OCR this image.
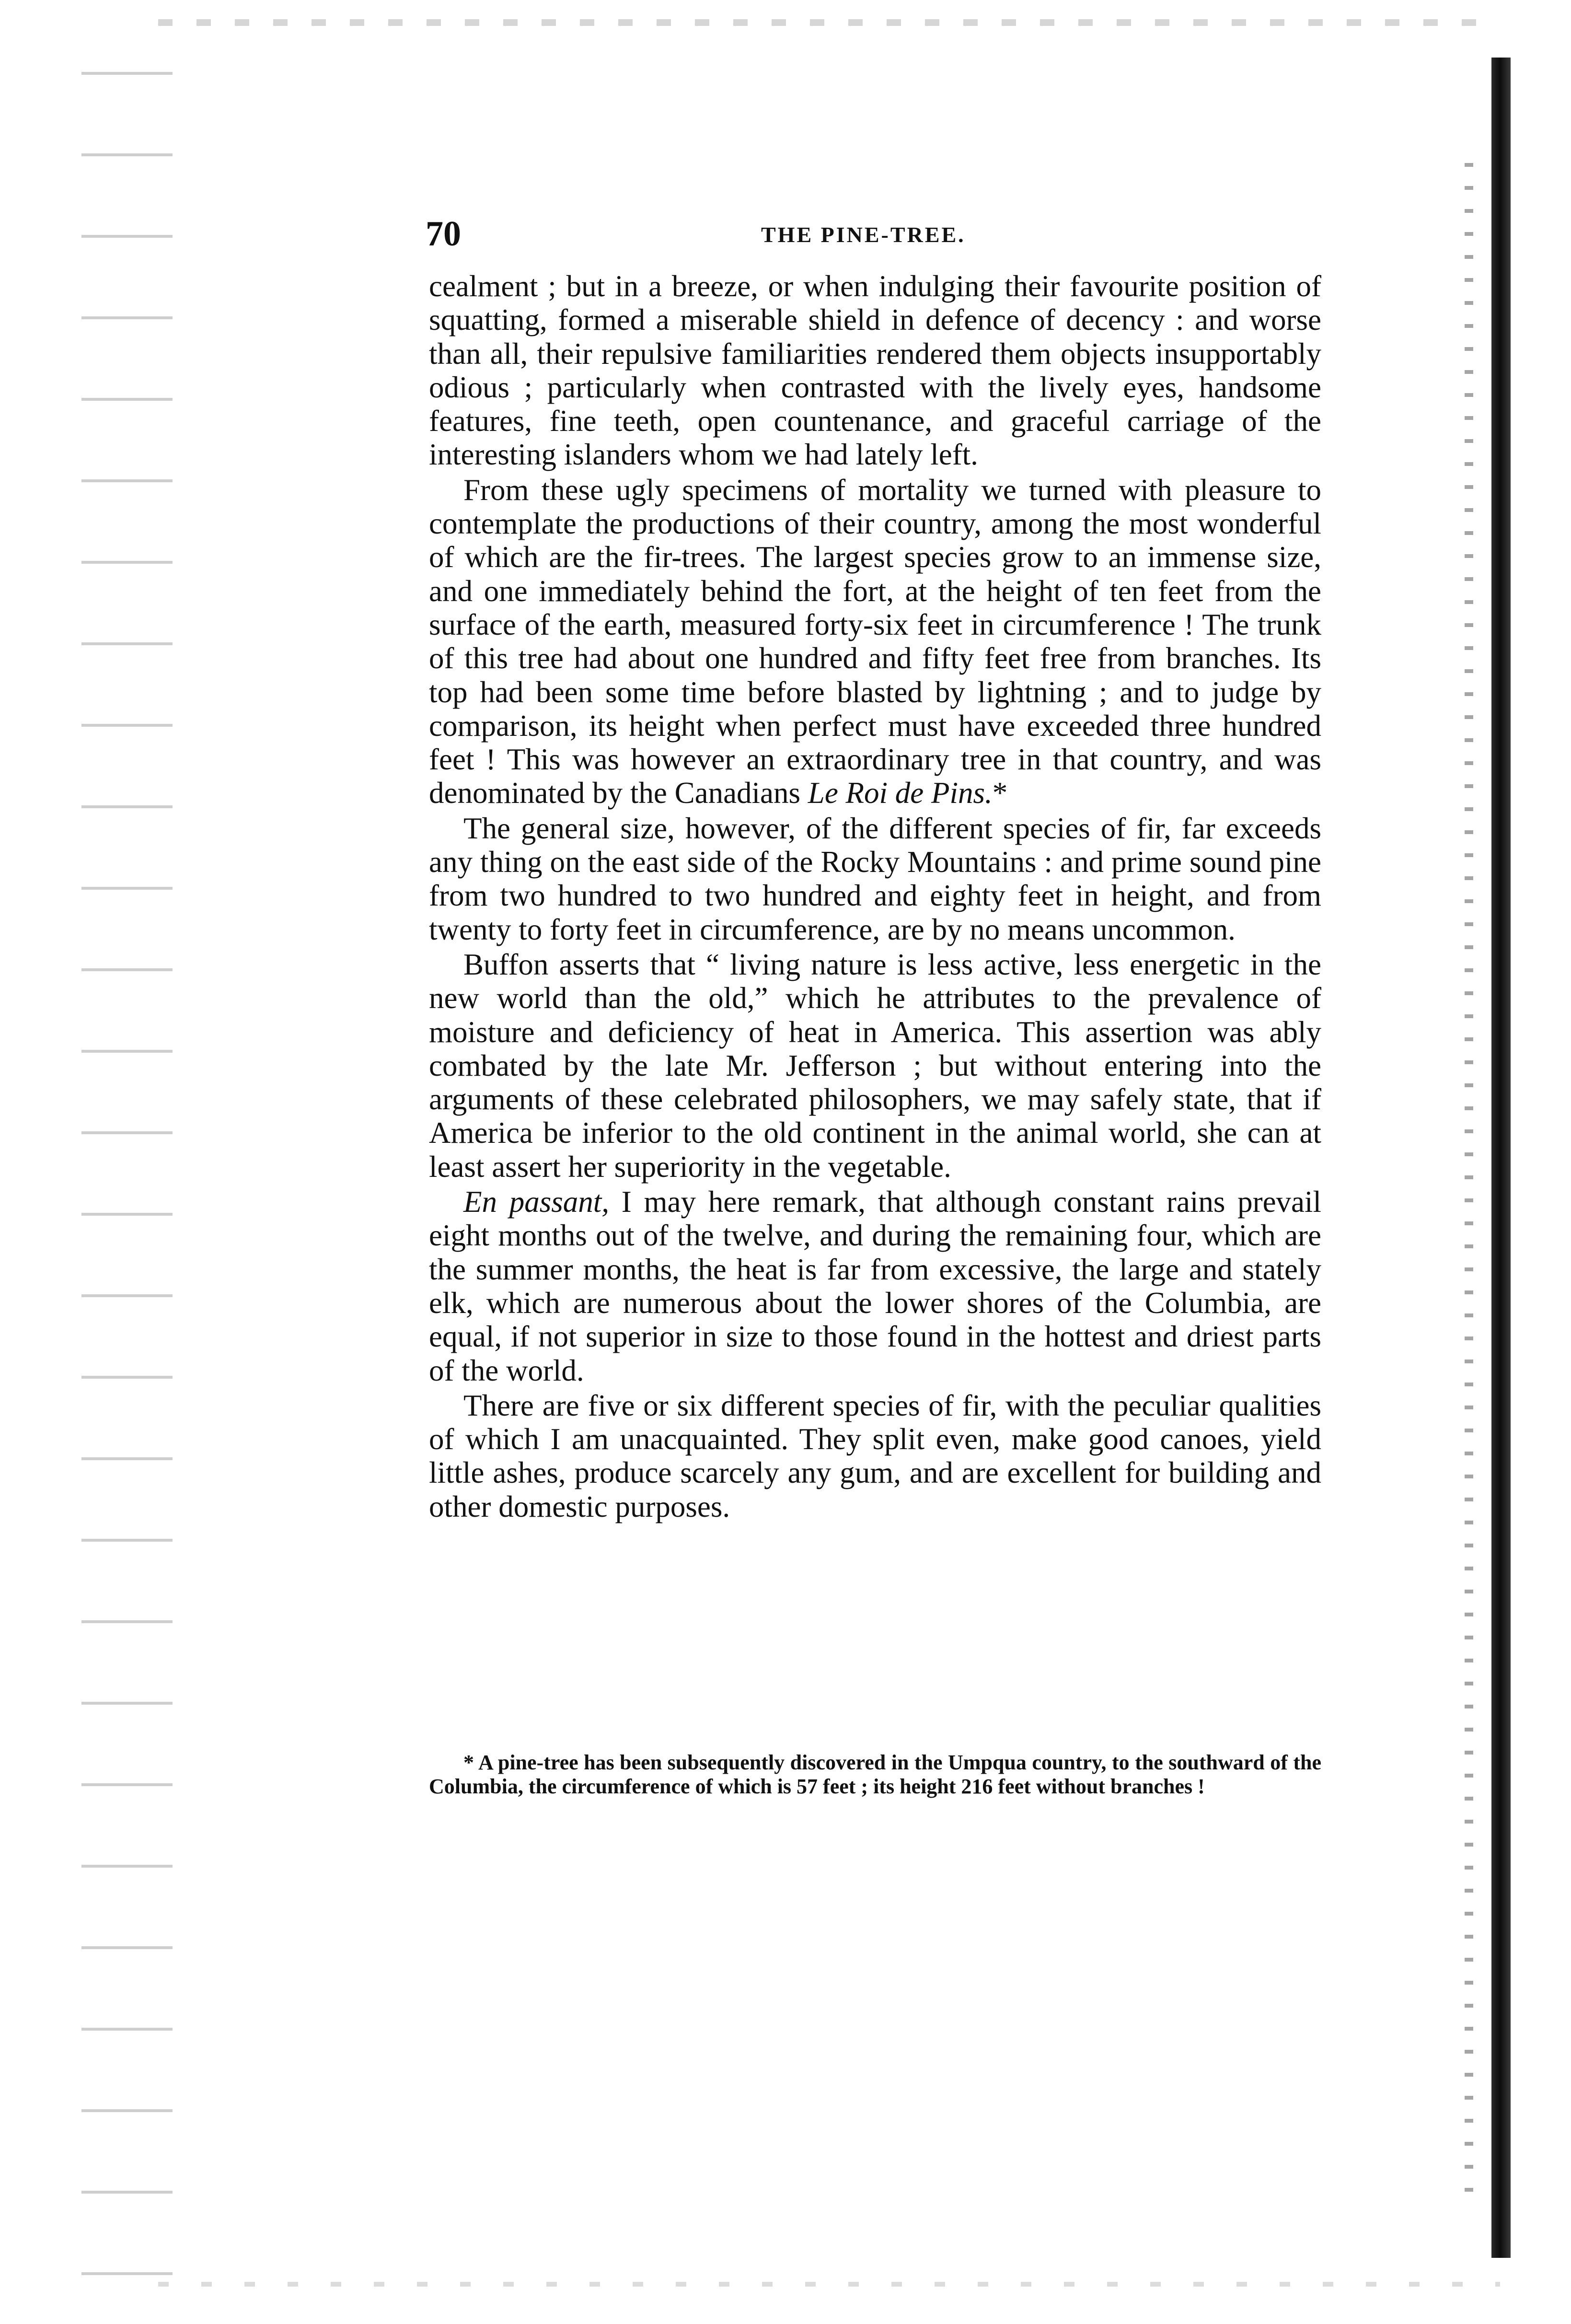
70	THE PINE-TREE.

cealment ; but in a breeze, or when indulging their favourite position of squatting, formed a miserable shield in defence of decency : and worse than all, their repulsive familiarities rendered them objects insupportably odious ; particularly when contrasted with the lively eyes, handsome features, fine teeth, open countenance, and graceful carriage of the interesting islanders whom we had lately left.

From these ugly specimens of mortality we turned with pleasure to contemplate the productions of their country, among the most wonderful of which are the fir-trees. The largest species grow to an immense size, and one immediately behind the fort, at the height of ten feet from the surface of the earth, measured forty-six feet in circumference ! The trunk of this tree had about one hundred and fifty feet free from branches. Its top had been some time before blasted by lightning ; and to judge by comparison, its height when perfect must have exceeded three hundred feet ! This was however an extraordinary tree in that country, and was denominated by the Canadians Le Roi de Pins.*

The general size, however, of the different species of fir, far exceeds any thing on the east side of the Rocky Mountains : and prime sound pine from two hundred to two hundred and eighty feet in height, and from twenty to forty feet in circumference, are by no means uncommon.

Buffon asserts that “ living nature is less active, less energetic in the new world than the old,” which he attributes to the prevalence of moisture and deficiency of heat in America. This assertion was ably combated by the late Mr. Jefferson ; but without entering into the arguments of these celebrated philosophers, we may safely state, that if America be inferior to the old continent in the animal world, she can at least assert her superiority in the vegetable.

En passant, I may here remark, that although constant rains prevail eight months out of the twelve, and during the remaining four, which are the summer months, the heat is far from excessive, the large and stately elk, which are numerous about the lower shores of the Columbia, are equal, if not superior in size to those found in the hottest and driest parts of the world.

There are five or six different species of fir, with the peculiar qualities of which I am unacquainted. They split even, make good canoes, yield little ashes, produce scarcely any gum, and are excellent for building and other domestic purposes.

* A pine-tree has been subsequently discovered in the Umpqua country, to the southward of the Columbia, the circumference of which is 57 feet ; its height 216 feet without branches !
